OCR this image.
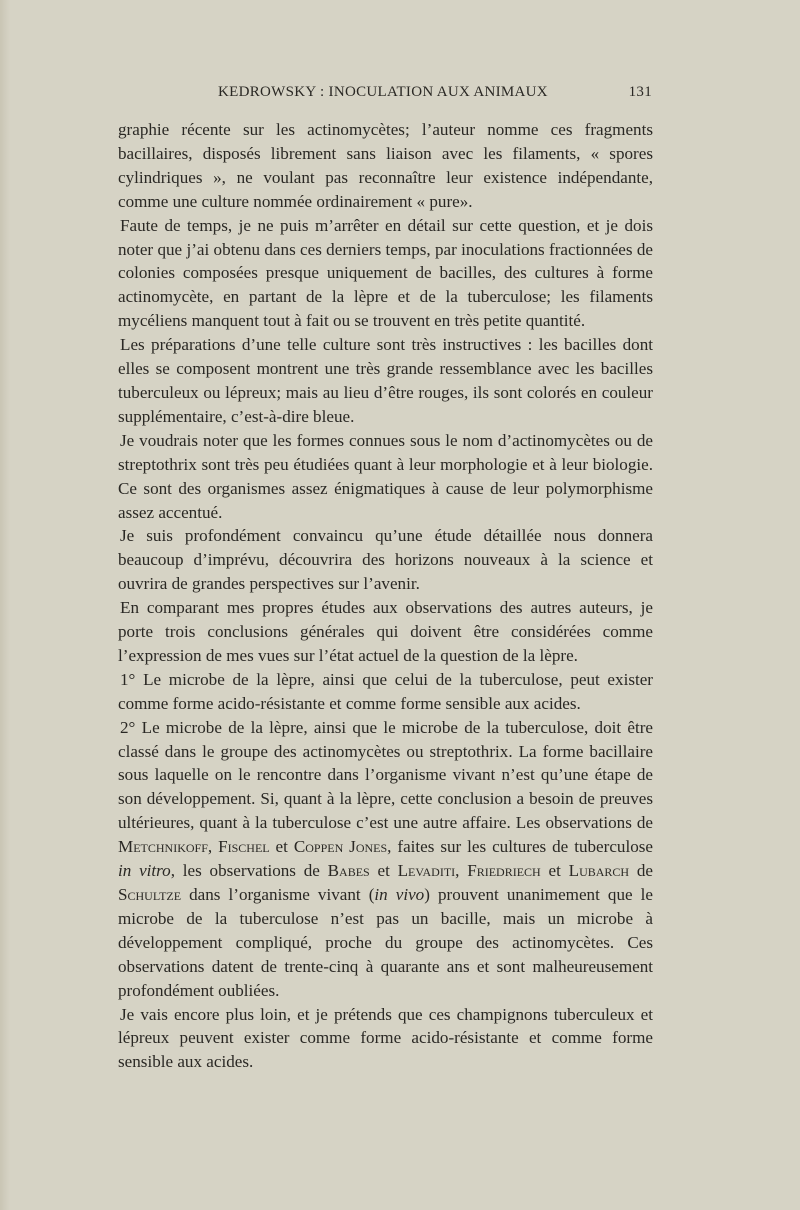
KEDROWSKY : INOCULATION AUX ANIMAUX	131

graphie récente sur les actinomycètes; l’auteur nomme ces fragments bacillaires, disposés librement sans liaison avec les filaments, « spores cylindriques », ne voulant pas reconnaître leur existence indépendante, comme une culture nommée ordinairement « pure».

Faute de temps, je ne puis m’arrêter en détail sur cette question, et je dois noter que j’ai obtenu dans ces derniers temps, par inoculations fractionnées de colonies composées presque uniquement de bacilles, des cultures à forme actinomycète, en partant de la lèpre et de la tuberculose; les filaments mycéliens manquent tout à fait ou se trouvent en très petite quantité.

Les préparations d’une telle culture sont très instructives : les bacilles dont elles se composent montrent une très grande ressemblance avec les bacilles tuberculeux ou lépreux; mais au lieu d’être rouges, ils sont colorés en couleur supplémentaire, c’est-à-dire bleue.

Je voudrais noter que les formes connues sous le nom d’actinomycètes ou de streptothrix sont très peu étudiées quant à leur morphologie et à leur biologie. Ce sont des organismes assez énigmatiques à cause de leur polymorphisme assez accentué.

Je suis profondément convaincu qu’une étude détaillée nous donnera beaucoup d’imprévu, découvrira des horizons nouveaux à la science et ouvrira de grandes perspectives sur l’avenir.

En comparant mes propres études aux observations des autres auteurs, je porte trois conclusions générales qui doivent être considérées comme l’expression de mes vues sur l’état actuel de la question de la lèpre.

1° Le microbe de la lèpre, ainsi que celui de la tuberculose, peut exister comme forme acido-résistante et comme forme sensible aux acides.

2° Le microbe de la lèpre, ainsi que le microbe de la tuberculose, doit être classé dans le groupe des actinomycètes ou streptothrix. La forme bacillaire sous laquelle on le rencontre dans l’organisme vivant n’est qu’une étape de son développement. Si, quant à la lèpre, cette conclusion a besoin de preuves ultérieures, quant à la tuberculose c’est une autre affaire. Les observations de Metchnikoff, Fischel et Coppen Jones, faites sur les cultures de tuberculose in vitro, les observations de Babes et Levaditi, Friedriech et Lubarch de Schultze dans l’organisme vivant (in vivo) prouvent unanimement que le microbe de la tuberculose n’est pas un bacille, mais un microbe à développement compliqué, proche du groupe des actinomycètes. Ces observations datent de trente-cinq à quarante ans et sont malheureusement profondément oubliées.

Je vais encore plus loin, et je prétends que ces champignons tuberculeux et lépreux peuvent exister comme forme acido-résistante et comme forme sensible aux acides.
